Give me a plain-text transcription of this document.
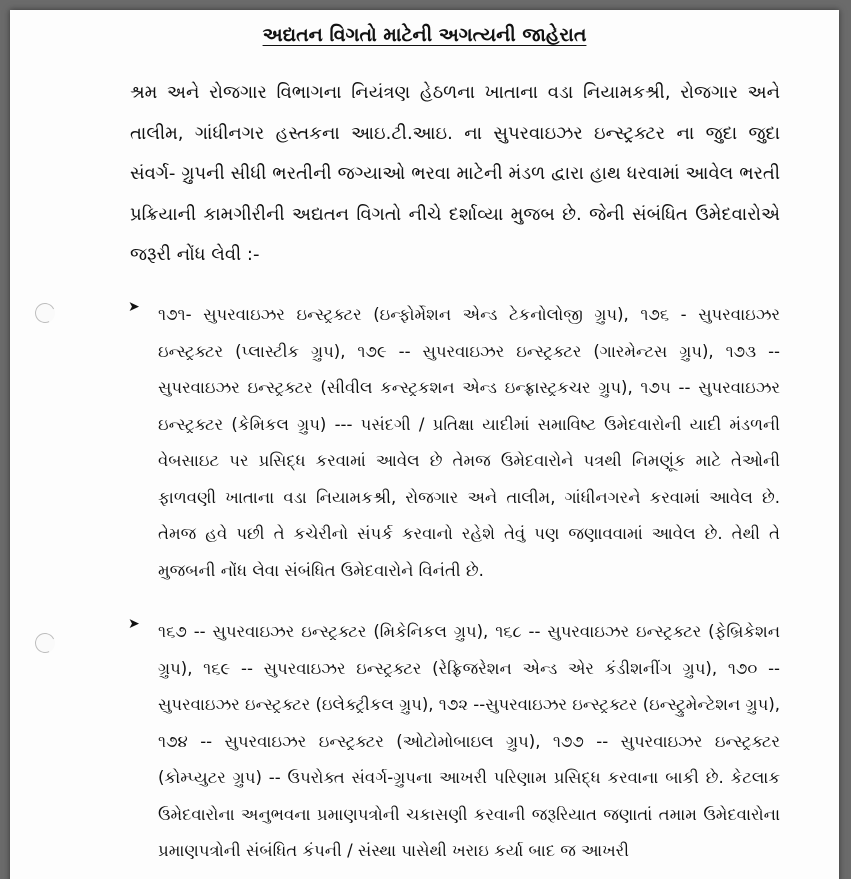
અદ્યતન વિગતો માટેની અગત્યની જાહેરાત

શ્રમ અને રોજગાર વિભાગના નિયંત્રણ હેઠળના ખાતાના વડા નિયામકશ્રી, રોજગાર અને તાલીમ, ગાંધીનગર હસ્તકના આઇ.ટી.આઇ. ના સુપરવાઇઝર ઇન્સ્ટ્રક્ટર ના જુદા જુદા સંવર્ગ- ગ્રુપની સીધી ભરતીની જગ્યાઓ ભરવા માટેની મંડળ દ્વારા હાથ ધરવામાં આવેલ ભરતી પ્રક્રિયાની કામગીરીની અદ્યતન વિગતો નીચે દર્શાવ્યા મુજબ છે. જેની સંબંધિત ઉમેદવારોએ જરૂરી નોંધ લેવી :-

➤ ૧૭૧- સુપરવાઇઝર ઇન્સ્ટ્રક્ટર (ઇન્ફોર્મેશન એન્ડ ટેકનોલોજી ગ્રુપ), ૧૭૬ - સુપરવાઇઝર ઇન્સ્ટ્રક્ટર (પ્લાસ્ટીક ગ્રુપ), ૧૭૯ -- સુપરવાઇઝર ઇન્સ્ટ્રક્ટર (ગારમેન્ટસ ગ્રુપ), ૧૭૩ -- સુપરવાઇઝર ઇન્સ્ટ્રક્ટર (સીવીલ કન્સ્ટ્રકશન એન્ડ ઇન્ફ્રાસ્ટ્રકચર ગ્રુપ), ૧૭૫ -- સુપરવાઇઝર ઇન્સ્ટ્રક્ટર (કેમિકલ ગ્રુપ) --- પસંદગી / પ્રતિક્ષા યાદીમાં સમાવિષ્ટ ઉમેદવારોની યાદી મંડળની વેબસાઇટ પર પ્રસિદ્ધ કરવામાં આવેલ છે તેમજ ઉમેદવારોને પત્રથી નિમણૂંક માટે તેઓની ફાળવણી ખાતાના વડા નિયામકશ્રી, રોજગાર અને તાલીમ, ગાંધીનગરને કરવામાં આવેલ છે. તેમજ હવે પછી તે કચેરીનો સંપર્ક કરવાનો રહેશે તેવું પણ જણાવવામાં આવેલ છે. તેથી તે મુજબની નોંધ લેવા સંબંધિત ઉમેદવારોને વિનંતી છે.

➤ ૧૬૭ -- સુપરવાઇઝર ઇન્સ્ટ્રક્ટર (મિકેનિકલ ગ્રુપ), ૧૬૮ -- સુપરવાઇઝર ઇન્સ્ટ્રક્ટર (ફેબ્રિકેશન ગ્રુપ), ૧૬૯ -- સુપરવાઇઝર ઇન્સ્ટ્રક્ટર (રેફ્રિજરેશન એન્ડ એર કંડીશનીંગ ગ્રુપ), ૧૭૦ -- સુપરવાઇઝર ઇન્સ્ટ્રક્ટર (ઇલેક્ટ્રીકલ ગ્રુપ), ૧૭૨ --સુપરવાઇઝર ઇન્સ્ટ્રક્ટર (ઇન્સ્ટ્રુમેન્ટેશન ગ્રુપ), ૧૭૪ -- સુપરવાઇઝર ઇન્સ્ટ્રક્ટર (ઓટોમોબાઇલ ગ્રુપ), ૧૭૭ -- સુપરવાઇઝર ઇન્સ્ટ્રક્ટર (કોમ્પ્યુટર ગ્રુપ) -- ઉપરોક્ત સંવર્ગ-ગ્રુપના આખરી પરિણામ પ્રસિદ્ધ કરવાના બાકી છે. કેટલાક ઉમેદવારોના અનુભવના પ્રમાણપત્રોની ચકાસણી કરવાની જરૂરિયાત જણાતાં તમામ ઉમેદવારોના પ્રમાણપત્રોની સંબંધિત કંપની / સંસ્થા પાસેથી ખરાઇ કર્યા બાદ જ આખરી
